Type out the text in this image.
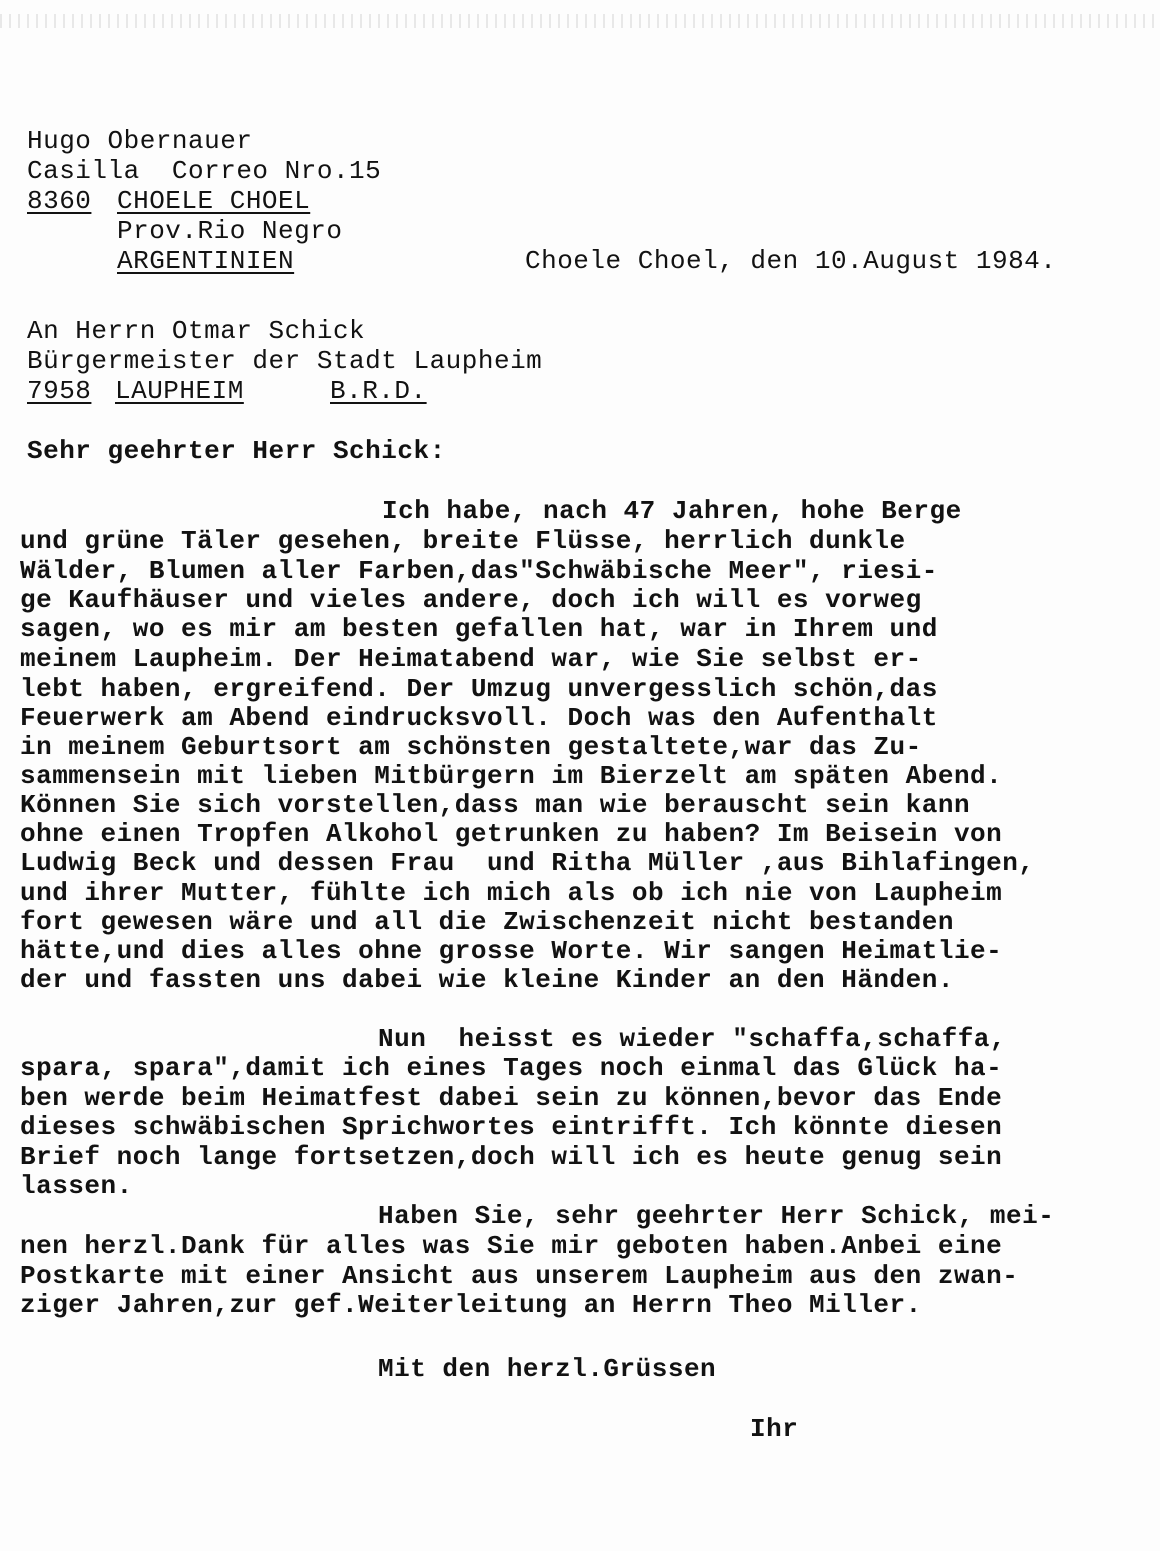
Hugo Obernauer
Casilla  Correo Nro.15
8360 CHOELE CHOEL
Prov.Rio Negro
ARGENTINIEN	Choele Choel, den 10.August 1984.
An Herrn Otmar Schick
Bürgermeister der Stadt Laupheim
7958 LAUPHEIM	B.R.D.
Sehr geehrter Herr Schick:
Ich habe, nach 47 Jahren, hohe Berge
und grüne Täler gesehen, breite Flüsse, herrlich dunkle
Wälder, Blumen aller Farben,das"Schwäbische Meer", riesi-
ge Kaufhäuser und vieles andere, doch ich will es vorweg
sagen, wo es mir am besten gefallen hat, war in Ihrem und
meinem Laupheim. Der Heimatabend war, wie Sie selbst er-
lebt haben, ergreifend. Der Umzug unvergesslich schön,das
Feuerwerk am Abend eindrucksvoll. Doch was den Aufenthalt
in meinem Geburtsort am schönsten gestaltete,war das Zu-
sammensein mit lieben Mitbürgern im Bierzelt am späten Abend.
Können Sie sich vorstellen,dass man wie berauscht sein kann
ohne einen Tropfen Alkohol getrunken zu haben? Im Beisein von
Ludwig Beck und dessen Frau  und Ritha Müller ,aus Bihlafingen,
und ihrer Mutter, fühlte ich mich als ob ich nie von Laupheim
fort gewesen wäre und all die Zwischenzeit nicht bestanden
hätte,und dies alles ohne grosse Worte. Wir sangen Heimatlie-
der und fassten uns dabei wie kleine Kinder an den Händen.
Nun  heisst es wieder "schaffa,schaffa,
spara, spara",damit ich eines Tages noch einmal das Glück ha-
ben werde beim Heimatfest dabei sein zu können,bevor das Ende
dieses schwäbischen Sprichwortes eintrifft. Ich könnte diesen
Brief noch lange fortsetzen,doch will ich es heute genug sein
lassen.
Haben Sie, sehr geehrter Herr Schick, mei-
nen herzl.Dank für alles was Sie mir geboten haben.Anbei eine
Postkarte mit einer Ansicht aus unserem Laupheim aus den zwan-
ziger Jahren,zur gef.Weiterleitung an Herrn Theo Miller.
Mit den herzl.Grüssen
Ihr
